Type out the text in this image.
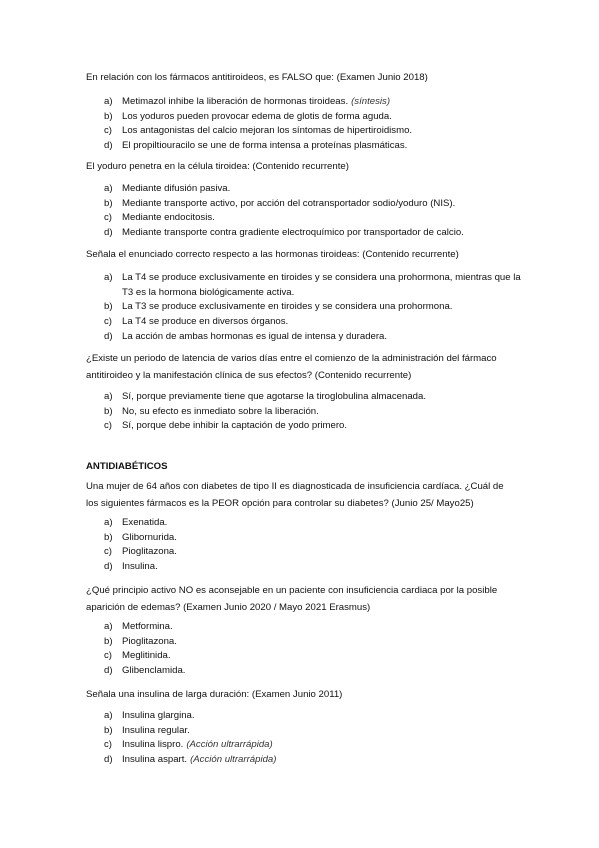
En relación con los fármacos antitiroideos, es FALSO que: (Examen Junio 2018)

a) Metimazol inhibe la liberación de hormonas tiroideas. (síntesis)
b) Los yoduros pueden provocar edema de glotis de forma aguda.
c)	Los antagonistas del calcio mejoran los síntomas de hipertiroidismo.
d) El propiltiouracilo se une de forma intensa a proteínas plasmáticas.

El yoduro penetra en la célula tiroidea: (Contenido recurrente)

a) Mediante difusión pasiva.
b) Mediante transporte activo, por acción del cotransportador sodio/yoduro (NIS).
c)	Mediante endocitosis.
d) Mediante transporte contra gradiente electroquímico por transportador de calcio.

Señala el enunciado correcto respecto a las hormonas tiroideas: (Contenido recurrente)

a) La T4 se produce exclusivamente en tiroides y se considera una prohormona, mientras que la T3 es la hormona biológicamente activa.
b) La T3 se produce exclusivamente en tiroides y se considera una prohormona.
c)	La T4 se produce en diversos órganos.
d) La acción de ambas hormonas es igual de intensa y duradera.

¿Existe un periodo de latencia de varios días entre el comienzo de la administración del fármaco antitiroideo y la manifestación clínica de sus efectos? (Contenido recurrente)

a) Sí, porque previamente tiene que agotarse la tiroglobulina almacenada.
b) No, su efecto es inmediato sobre la liberación.
c)	Sí, porque debe inhibir la captación de yodo primero.

ANTIDIABÉTICOS

Una mujer de 64 años con diabetes de tipo II es diagnosticada de insuficiencia cardíaca. ¿Cuál de los siguientes fármacos es la PEOR opción para controlar su diabetes? (Junio 25/ Mayo25)

a) Exenatida.
b) Glibornurida.
c)	Pioglitazona.
d) Insulina.

¿Qué principio activo NO es aconsejable en un paciente con insuficiencia cardiaca por la posible aparición de edemas? (Examen Junio 2020 / Mayo 2021 Erasmus)

a) Metformina.
b) Pioglitazona.
c)	Meglitinida.
d) Glibenclamida.

Señala una insulina de larga duración: (Examen Junio 2011)

a) Insulina glargina.
b) Insulina regular.
c)	Insulina lispro. (Acción ultrarrápida)
d) Insulina aspart. (Acción ultrarrápida)
